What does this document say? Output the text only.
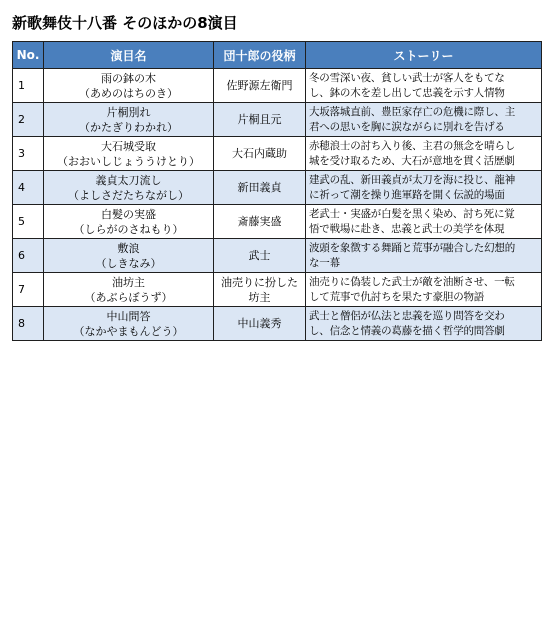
新歌舞伎十八番 そのほかの8演目
No.	演目名	団十郎の役柄	ストーリー
1	雨の鉢の木
（あめのはちのき）	佐野源左衛門	冬の雪深い夜、貧しい武士が客人をもてな
し、鉢の木を差し出して忠義を示す人情物

2	片桐別れ
（かたぎりわかれ）	片桐且元	大坂落城直前、豊臣家存亡の危機に際し、主
君への思いを胸に涙ながらに別れを告げる

3	大石城受取
（おおいしじょううけとり）	大石内蔵助	赤穂浪士の討ち入り後、主君の無念を晴らし
城を受け取るため、大石が意地を貫く活歴劇

4	義貞太刀流し
（よしさだたちながし）	新田義貞	建武の乱、新田義貞が太刀を海に投じ、龍神
に祈って潮を操り進軍路を開く伝説的場面

5	白髪の実盛
（しらがのさねもり）	斎藤実盛	老武士・実盛が白髪を黒く染め、討ち死に覚
悟で戦場に赴き、忠義と武士の美学を体現

6	敷浪
（しきなみ）	武士	波頭を象徴する舞踊と荒事が融合した幻想的
な一幕

7	油坊主
（あぶらぼうず）	油売りに扮した
坊主	油売りに偽装した武士が敵を油断させ、一転
して荒事で仇討ちを果たす豪胆の物語

8	中山問答
（なかやまもんどう）	中山義秀	武士と僧侶が仏法と忠義を巡り問答を交わ
し、信念と情義の葛藤を描く哲学的問答劇
